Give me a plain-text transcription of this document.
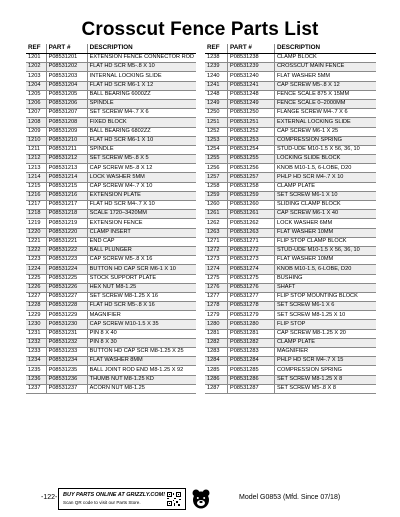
Crosscut Fence Parts List
REF	PART #	DESCRIPTION
1201	P08531201	EXTENSION FENCE CONNECTOR ROD
1202	P08531202	FLAT HD SCR M5-.8 X 10
1203	P08531203	INTERNAL LOCKING SLIDE
1204	P08531204	FLAT HD SCR M6-1 X 12
1205	P08531205	BALL BEARING 6000ZZ
1206	P08531206	SPINDLE
1207	P08531207	SET SCREW M4-.7 X 6
1208	P08531208	FIXED BLOCK
1209	P08531209	BALL BEARING 6802ZZ
1210	P08531210	FLAT HD SCR M6-1 X 10
1211	P08531211	SPINDLE
1212	P08531212	SET SCREW M5-.8 X 5
1213	P08531213	CAP SCREW M5-.8 X 12
1214	P08531214	LOCK WASHER 5MM
1215	P08531215	CAP SCREW M4-.7 X 10
1216	P08531216	EXTENSION PLATE
1217	P08531217	FLAT HD SCR M4-.7 X 10
1218	P08531218	SCALE 1720–3420MM
1219	P08531219	EXTENSION FENCE
1220	P08531220	CLAMP INSERT
1221	P08531221	END CAP
1222	P08531222	BALL PLUNGER
1223	P08531223	CAP SCREW M5-.8 X 16
1224	P08531224	BUTTON HD CAP SCR M6-1 X 10
1225	P08531225	STOCK SUPPORT PLATE
1226	P08531226	HEX NUT M8-1.25
1227	P08531227	SET SCREW M8-1.25 X 16
1228	P08531228	FLAT HD SCR M5-.8 X 16
1229	P08531229	MAGNIFIER
1230	P08531230	CAP SCREW M10-1.5 X 35
1231	P08531231	PIN 8 X 40
1232	P08531232	PIN 8 X 30
1233	P08531233	BUTTON HD CAP SCR M8-1.25 X 25
1234	P08531234	FLAT WASHER 8MM
1235	P08531235	BALL JOINT ROD END M8-1.25 X 92
1236	P08531236	THUMB NUT M8-1.25 KD
1237	P08531237	ACORN NUT M8-1.25
REF	PART #	DESCRIPTION
1238	P08531238	CLAMP BLOCK
1239	P08531239	CROSSCUT MAIN FENCE
1240	P08531240	FLAT WASHER 5MM
1241	P08531241	CAP SCREW M5-.8 X 12
1248	P08531248	FENCE SCALE 875 X 15MM
1249	P08531249	FENCE SCALE 0–2000MM
1250	P08531250	FLANGE SCREW M4-.7 X 6
1251	P08531251	EXTERNAL LOCKING SLIDE
1252	P08531252	CAP SCREW M6-1 X 25
1253	P08531253	COMPRESSION SPRING
1254	P08531254	STUD-UDE M10-1.5 X 56, 36, 10
1255	P08531255	LOCKING SLIDE BLOCK
1256	P08531256	KNOB M10-1.5, 6-LOBE, D20
1257	P08531257	PHLP HD SCR M4-.7 X 10
1258	P08531258	CLAMP PLATE
1259	P08531259	SET SCREW M6-1 X 10
1260	P08531260	SLIDING CLAMP BLOCK
1261	P08531261	CAP SCREW M6-1 X 40
1262	P08531262	LOCK WASHER 6MM
1263	P08531263	FLAT WASHER 10MM
1271	P08531271	FLIP STOP CLAMP BLOCK
1272	P08531272	STUD-UDE M10-1.5 X 56, 36, 10
1273	P08531273	FLAT WASHER 10MM
1274	P08531274	KNOB M10-1.5, 6-LOBE, D20
1275	P08531275	BUSHING
1276	P08531276	SHAFT
1277	P08531277	FLIP STOP MOUNTING BLOCK
1278	P08531278	SET SCREW M6-1 X 6
1279	P08531279	SET SCREW M8-1.25 X 10
1280	P08531280	FLIP STOP
1281	P08531281	CAP SCREW M8-1.25 X 20
1282	P08531282	CLAMP PLATE
1283	P08531283	MAGNIFIER
1284	P08531284	PHLP HD SCR M4-.7 X 15
1285	P08531285	COMPRESSION SPRING
1286	P08531286	SET SCREW M8-1.25 X 8
1287	P08531287	SET SCREW M5-.8 X 8
-122- BUY PARTS ONLINE AT GRIZZLY.COM!
Scan QR code to visit our Parts Store.
Model G0853 (Mfd. Since 07/18)
